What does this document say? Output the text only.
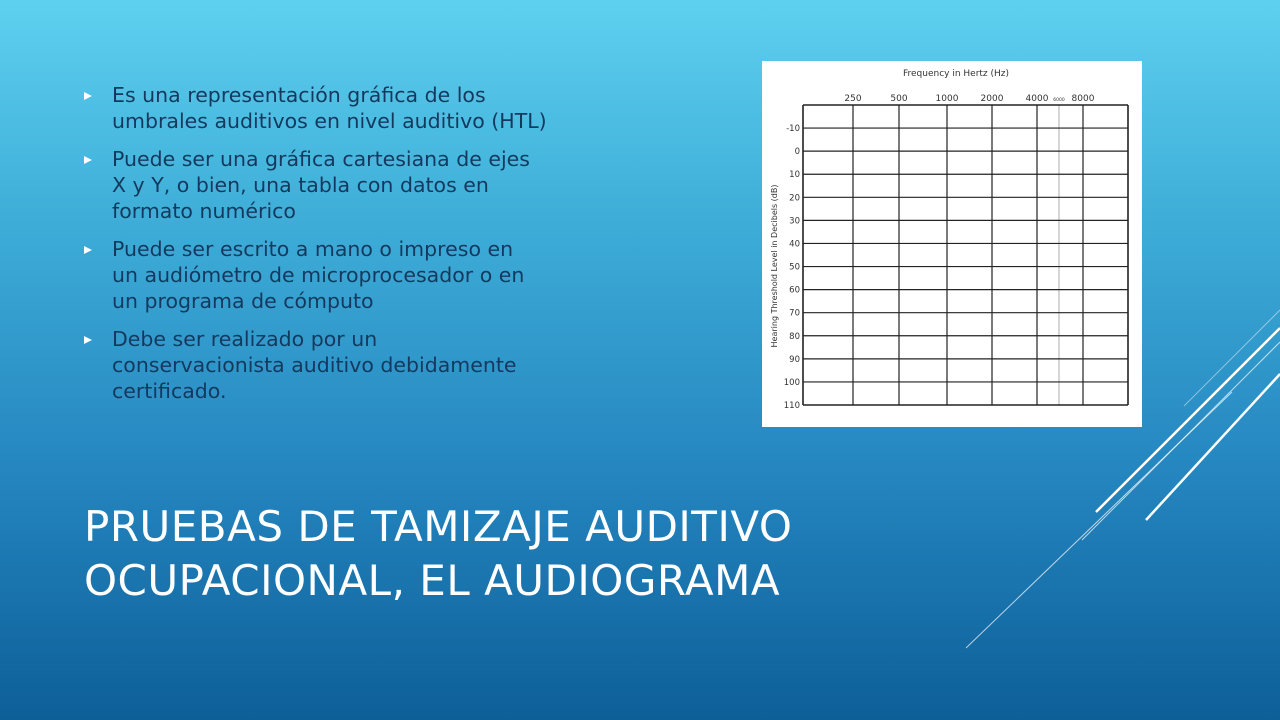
Es una representación gráfica de los
umbrales auditivos en nivel auditivo (HTL)
Puede ser una gráfica cartesiana de ejes
X y Y, o bien, una tabla con datos en
formato numérico
Puede ser escrito a mano o impreso en
un audiómetro de microprocesador o en
un programa de cómputo
Debe ser realizado por un
conservacionista auditivo debidamente
certificado.
Frequency in Hertz (Hz)
Hearing Threshold Level in Decibels (dB)
250	500	1000 2000 4000 6000 8000
-10
0
10
20
30
40
50
60
70
80
90
100
110
PRUEBAS DE TAMIZAJE AUDITIVO
OCUPACIONAL, EL AUDIOGRAMA
